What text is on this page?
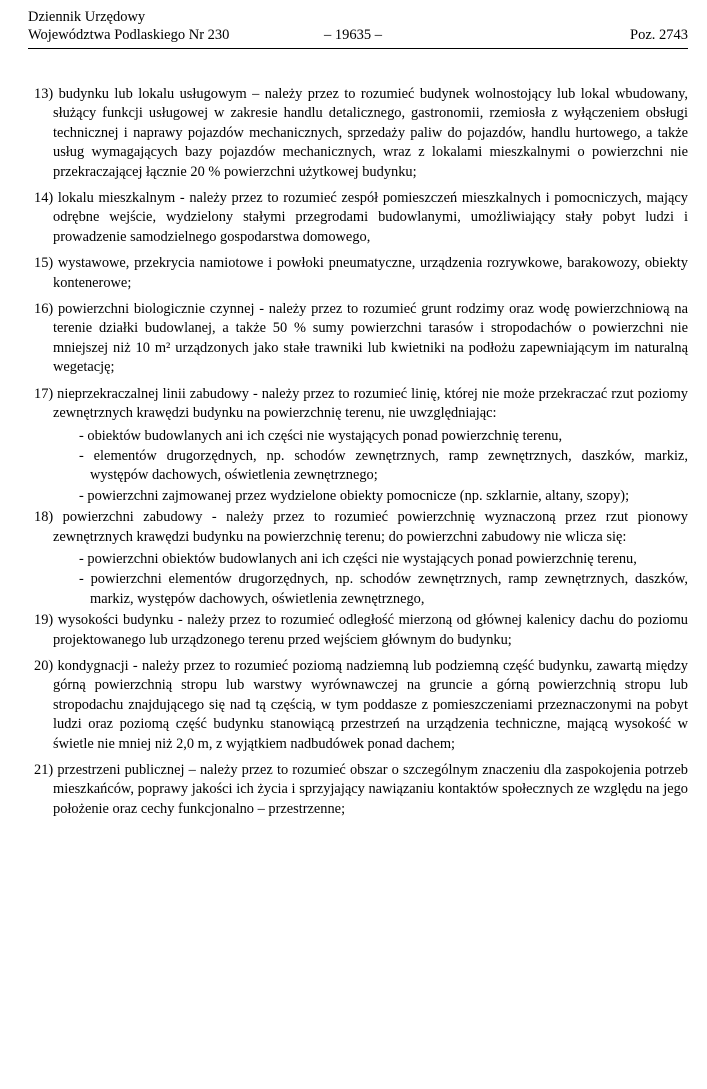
Dziennik Urzędowy
Województwa Podlaskiego Nr 230	– 19635 –	Poz. 2743
13) budynku lub lokalu usługowym – należy przez to rozumieć budynek wolnostojący lub lokal wbudowany, służący funkcji usługowej w zakresie handlu detalicznego, gastronomii, rzemiosła z wyłączeniem obsługi technicznej i naprawy pojazdów mechanicznych, sprzedaży paliw do pojazdów, handlu hurtowego, a także usług wymagających bazy pojazdów mechanicznych, wraz z lokalami mieszkalnymi o powierzchni nie przekraczającej łącznie 20 % powierzchni użytkowej budynku;
14) lokalu mieszkalnym - należy przez to rozumieć zespół pomieszczeń mieszkalnych i pomocniczych, mający odrębne wejście, wydzielony stałymi przegrodami budowlanymi, umożliwiający stały pobyt ludzi i prowadzenie samodzielnego gospodarstwa domowego,
15) wystawowe, przekrycia namiotowe i powłoki pneumatyczne, urządzenia rozrywkowe, barakowozy, obiekty kontenerowe;
16) powierzchni biologicznie czynnej - należy przez to rozumieć grunt rodzimy oraz wodę powierzchniową na terenie działki budowlanej, a także 50 % sumy powierzchni tarasów i stropodachów o powierzchni nie mniejszej niż 10 m² urządzonych jako stałe trawniki lub kwietniki na podłożu zapewniającym im naturalną wegetację;
17) nieprzekraczalnej linii zabudowy - należy przez to rozumieć linię, której nie może przekraczać rzut poziomy zewnętrznych krawędzi budynku na powierzchnię terenu, nie uwzględniając:
- obiektów budowlanych ani ich części nie wystających ponad powierzchnię terenu,
- elementów drugorzędnych, np. schodów zewnętrznych, ramp zewnętrznych, daszków, markiz, występów dachowych, oświetlenia zewnętrznego;
- powierzchni zajmowanej przez wydzielone obiekty pomocnicze (np. szklarnie, altany, szopy);
18) powierzchni zabudowy - należy przez to rozumieć powierzchnię wyznaczoną przez rzut pionowy zewnętrznych krawędzi budynku na powierzchnię terenu; do powierzchni zabudowy nie wlicza się:
- powierzchni obiektów budowlanych ani ich części nie wystających ponad powierzchnię terenu,
- powierzchni elementów drugorzędnych, np. schodów zewnętrznych, ramp zewnętrznych, daszków, markiz, występów dachowych, oświetlenia zewnętrznego,
19) wysokości budynku - należy przez to rozumieć odległość mierzoną od głównej kalenicy dachu do poziomu projektowanego lub urządzonego terenu przed wejściem głównym do budynku;
20) kondygnacji - należy przez to rozumieć poziomą nadziemną lub podziemną część budynku, zawartą między górną powierzchnią stropu lub warstwy wyrównawczej na gruncie a górną powierzchnią stropu lub stropodachu znajdującego się nad tą częścią, w tym poddasze z pomieszczeniami przeznaczonymi na pobyt ludzi oraz poziomą część budynku stanowiącą przestrzeń na urządzenia techniczne, mającą wysokość w świetle nie mniej niż 2,0 m, z wyjątkiem nadbudówek ponad dachem;
21) przestrzeni publicznej – należy przez to rozumieć obszar o szczególnym znaczeniu dla zaspokojenia potrzeb mieszkańców, poprawy jakości ich życia i sprzyjający nawiązaniu kontaktów społecznych ze względu na jego położenie oraz cechy funkcjonalno – przestrzenne;
